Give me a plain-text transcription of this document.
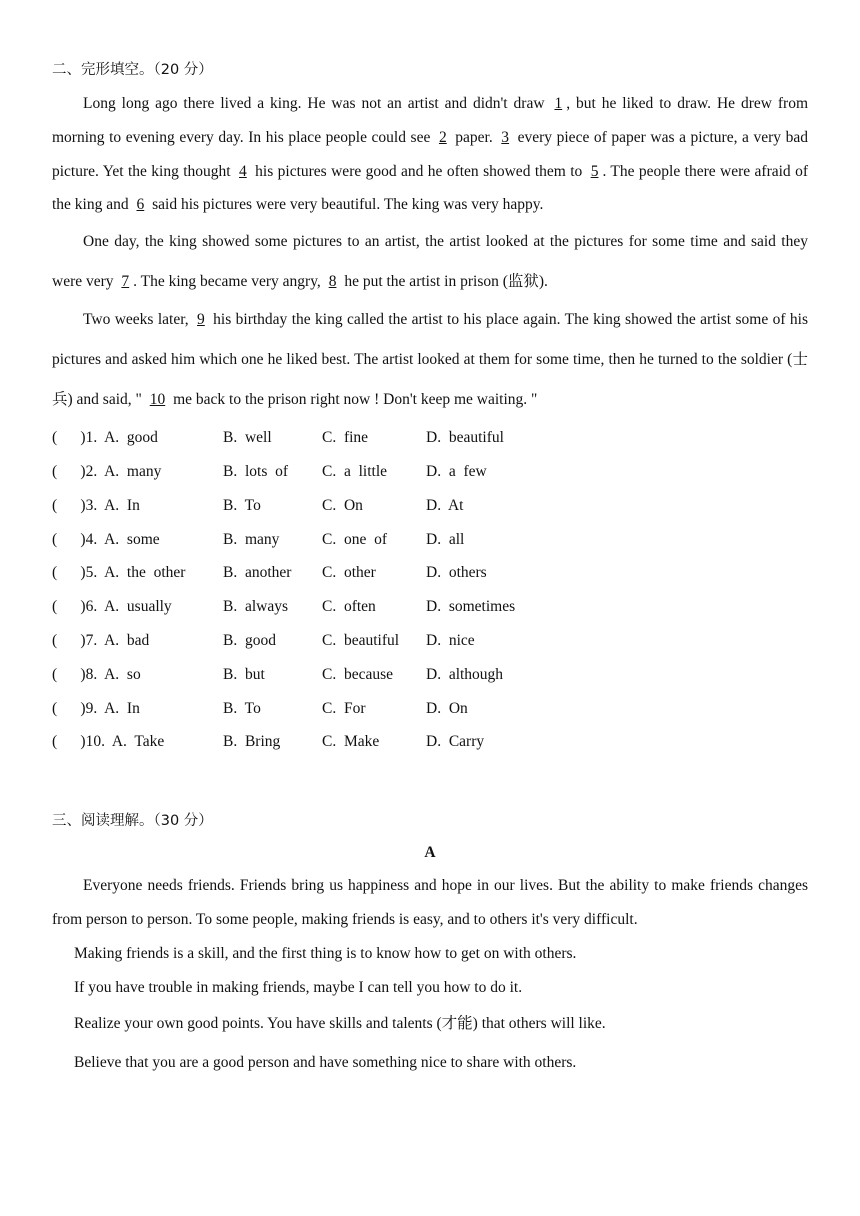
二、完形填空。（20 分）

Long long ago there lived a king. He was not an artist and didn't draw 1 , but he liked to draw. He drew from morning to evening every day. In his place people could see 2 paper. 3 every piece of paper was a picture, a very bad picture. Yet the king thought 4 his pictures were good and he often showed them to 5 . The people there were afraid of the king and 6 said his pictures were very beautiful. The king was very happy.

One day, the king showed some pictures to an artist, the artist looked at the pictures for some time and said they were very 7 . The king became very angry, 8 he put the artist in prison (监狱).

Two weeks later, 9 his birthday the king called the artist to his place again. The king showed the artist some of his pictures and asked him which one he liked best. The artist looked at them for some time, then he turned to the soldier (士兵) and said, " 10 me back to the prison right now ! Don't keep me waiting. "

(      )1.  A.  good	B.  well	C.  fine	D.  beautiful
(      )2.  A.  many	B.  lots  of C.  a  little	D.  a  few
(      )3.  A.  In	B.  To	C.  On	D.  At
(      )4.  A.  some	B.  many	C.  one  of	D.  all
(      )5.  A.  the  other B.  another C.  other	D.  others
(      )6.  A.  usually	B.  always C.  often	D.  sometimes
(      )7.  A.  bad	B.  good	C.  beautiful D.  nice
(      )8.  A.  so	B.  but	C.  because D.  although
(      )9.  A.  In	B.  To	C.  For	D.  On
(      )10.  A.  Take	B.  Bring	C.  Make	D.  Carry
三、阅读理解。（30 分）
A

Everyone needs friends. Friends bring us happiness and hope in our lives. But the ability to make friends changes from person to person. To some people, making friends is easy, and to others it's very difficult.

Making friends is a skill, and the first thing is to know how to get on with others.

If you have trouble in making friends, maybe I can tell you how to do it.

Realize your own good points. You have skills and talents (才能) that others will like.

Believe that you are a good person and have something nice to share with others.
